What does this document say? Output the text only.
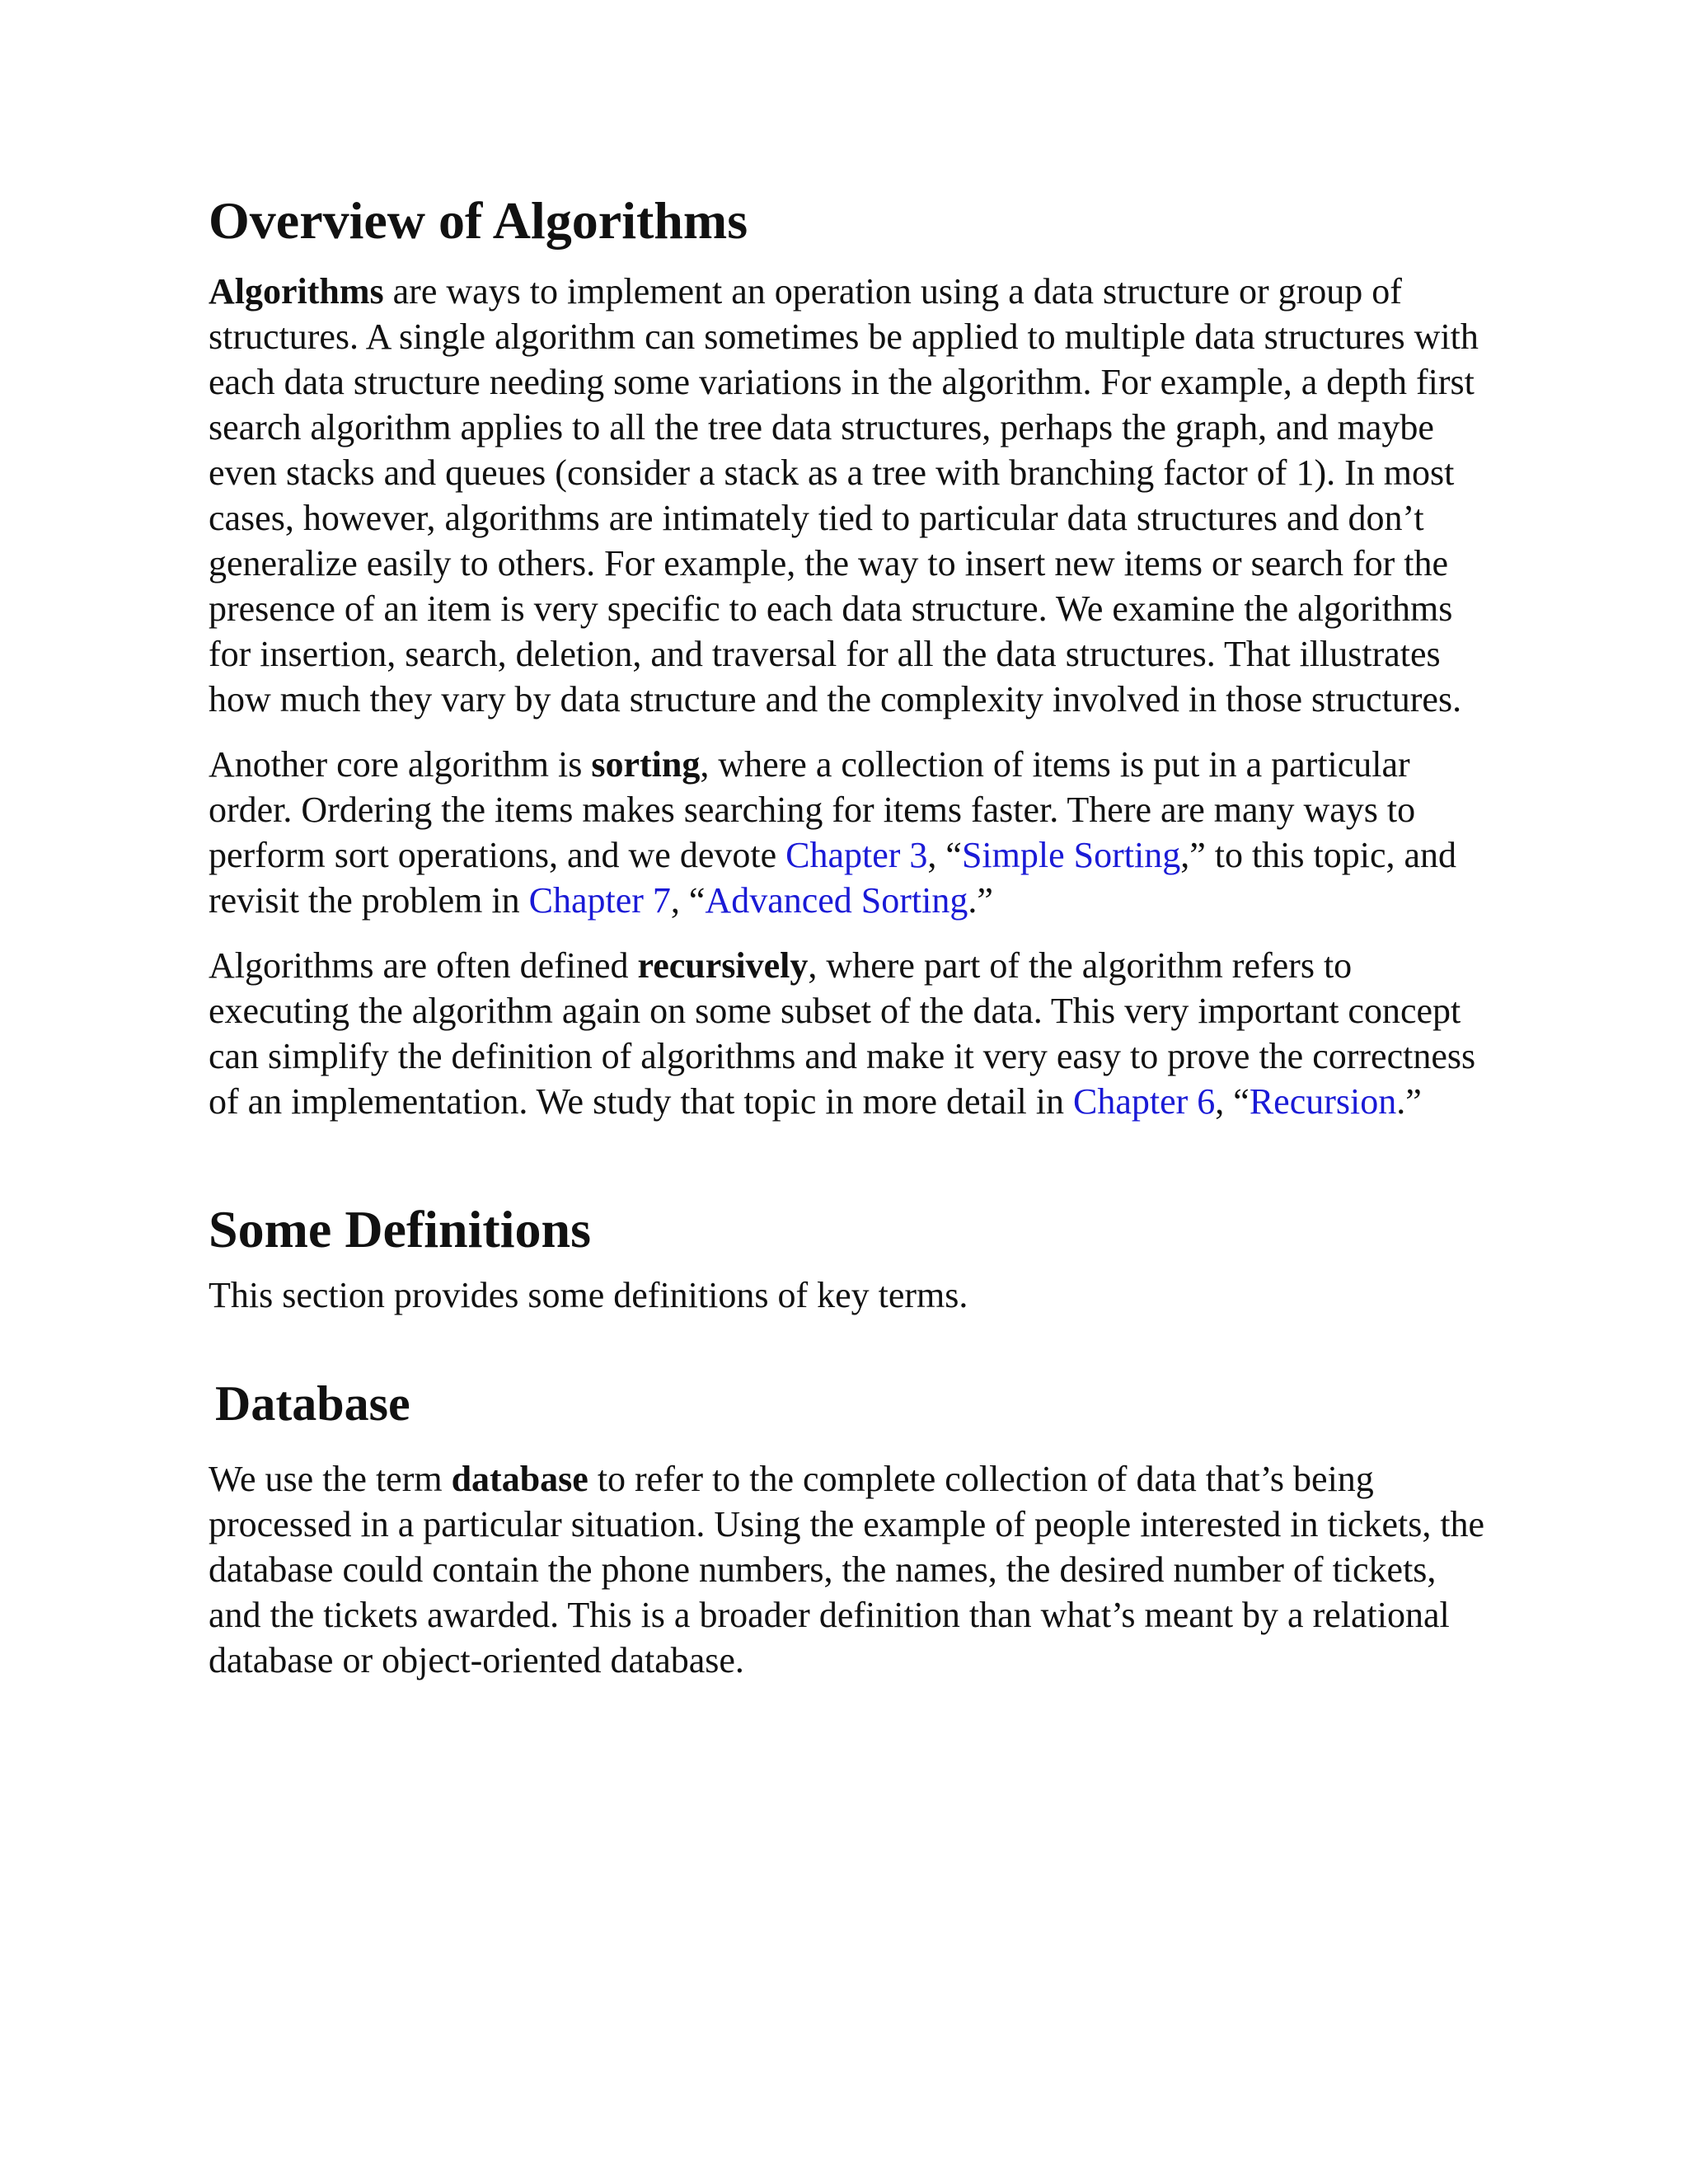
Overview of Algorithms

Algorithms are ways to implement an operation using a data structure or group of structures. A single algorithm can sometimes be applied to multiple data structures with each data structure needing some variations in the algorithm. For example, a depth first search algorithm applies to all the tree data structures, perhaps the graph, and maybe even stacks and queues (consider a stack as a tree with branching factor of 1). In most cases, however, algorithms are intimately tied to particular data structures and don’t generalize easily to others. For example, the way to insert new items or search for the presence of an item is very specific to each data structure. We examine the algorithms for insertion, search, deletion, and traversal for all the data structures. That illustrates how much they vary by data structure and the complexity involved in those structures.

Another core algorithm is sorting, where a collection of items is put in a particular order. Ordering the items makes searching for items faster. There are many ways to perform sort operations, and we devote Chapter 3, “Simple Sorting,” to this topic, and revisit the problem in Chapter 7, “Advanced Sorting.”

Algorithms are often defined recursively, where part of the algorithm refers to executing the algorithm again on some subset of the data. This very important concept can simplify the definition of algorithms and make it very easy to prove the correctness of an implementation. We study that topic in more detail in Chapter 6, “Recursion.”

Some Definitions

This section provides some definitions of key terms.

Database

We use the term database to refer to the complete collection of data that’s being processed in a particular situation. Using the example of people interested in tickets, the database could contain the phone numbers, the names, the desired number of tickets, and the tickets awarded. This is a broader definition than what’s meant by a relational database or object-oriented database.
